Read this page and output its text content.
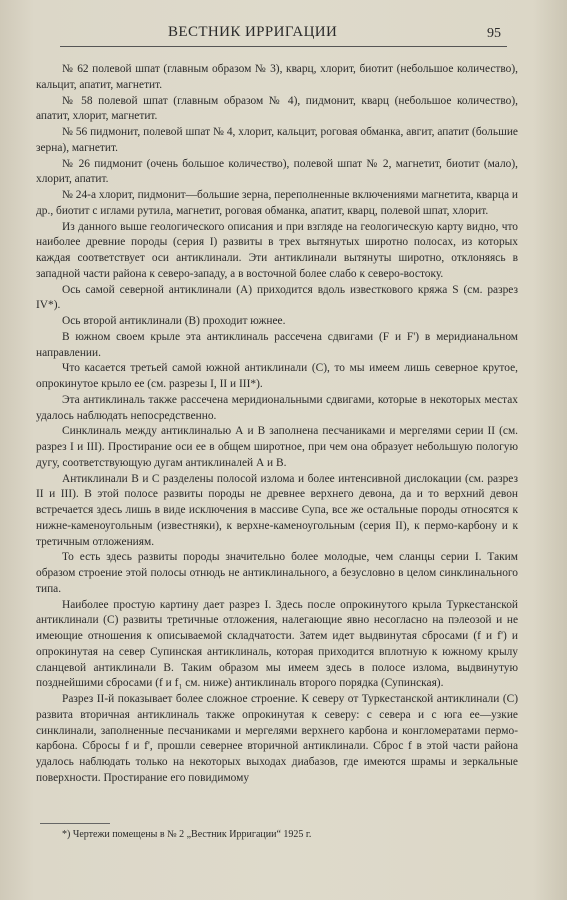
ВЕСТНИК ИРРИГАЦИИ	95

№ 62 полевой шпат (главным образом № 3), кварц, хлорит, биотит (небольшое количество), кальцит, апатит, магнетит.

№ 58 полевой шпат (главным образом № 4), пидмонит, кварц (небольшое количество), апатит, хлорит, магнетит.

№ 56 пидмонит, полевой шпат № 4, хлорит, кальцит, роговая обманка, авгит, апатит (большие зерна), магнетит.

№ 26 пидмонит (очень большое количество), полевой шпат № 2, магнетит, биотит (мало), хлорит, апатит.

№ 24-а хлорит, пидмонит—большие зерна, переполненные включениями магнетита, кварца и др., биотит с иглами рутила, магнетит, роговая обманка, апатит, кварц, полевой шпат, хлорит.

Из данного выше геологического описания и при взгляде на геологическую карту видно, что наиболее древние породы (серия I) развиты в трех вытянутых широтно полосах, из которых каждая соответствует оси антиклинали. Эти антиклинали вытянуты широтно, отклоняясь в западной части района к северо-западу, а в восточной более слабо к северо-востоку.

Ось самой северной антиклинали (А) приходится вдоль известкового кряжа S (см. разрез IV*).

Ось второй антиклинали (В) проходит южнее.

В южном своем крыле эта антиклиналь рассечена сдвигами (F и F') в меридианальном направлении.

Что касается третьей самой южной антиклинали (С), то мы имеем лишь северное крутое, опрокинутое крыло ее (см. разрезы I, II и III*).

Эта антиклиналь также рассечена меридиональными сдвигами, которые в некоторых местах удалось наблюдать непосредственно.

Синклиналь между антиклиналью А и В заполнена песчаниками и мергелями серии II (см. разрез I и III). Простирание оси ее в общем широтное, при чем она образует небольшую пологую дугу, соответствующую дугам антиклиналей А и В.

Антиклинали В и С разделены полосой излома и более интенсивной дислокации (см. разрез II и III). В этой полосе развиты породы не древнее верхнего девона, да и то верхний девон встречается здесь лишь в виде исключения в массиве Супа, все же остальные породы относятся к нижне-каменоугольным (известняки), к верхне-каменоугольным (серия II), к пермо-карбону и к третичным отложениям.

То есть здесь развиты породы значительно более молодые, чем сланцы серии I. Таким образом строение этой полосы отнюдь не антиклинального, а безусловно в целом синклинального типа.

Наиболее простую картину дает разрез I. Здесь после опрокинутого крыла Туркестанской антиклинали (С) развиты третичные отложения, налегающие явно несогласно на пэлеозой и не имеющие отношения к описываемой складчатости. Затем идет выдвинутая сбросами (f и f') и опрокинутая на север Супинская антиклиналь, которая приходится вплотную к южному крылу сланцевой антиклинали В. Таким образом мы имеем здесь в полосе излома, выдвинутую позднейшими сбросами (f и f₁ см. ниже) антиклиналь второго порядка (Супинская).

Разрез II-й показывает более сложное строение. К северу от Туркестанской антиклинали (С) развита вторичная антиклиналь также опрокинутая к северу: с севера и с юга ее—узкие синклинали, заполненные песчаниками и мергелями верхнего карбона и конгломератами пермо-карбона. Сбросы f и f', прошли севернее вторичной антиклинали. Сброс f в этой части района удалось наблюдать только на некоторых выходах диабазов, где имеются шрамы и зеркальные поверхности. Простирание его повидимому

*) Чертежи помещены в № 2 „Вестник Ирригации“ 1925 г.
